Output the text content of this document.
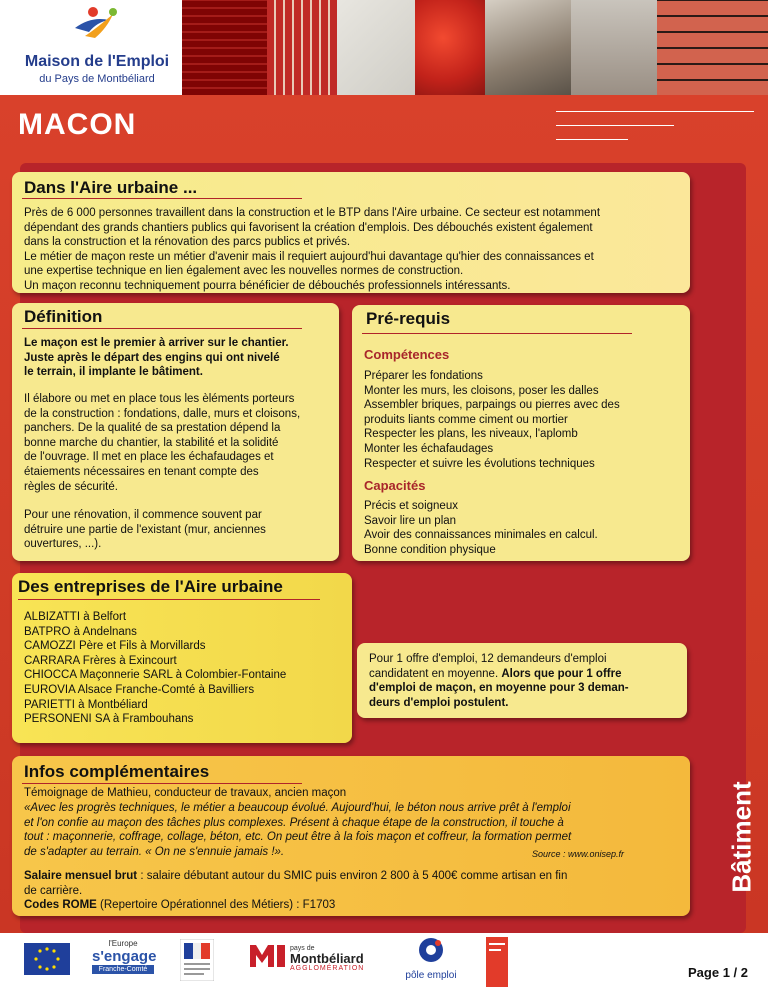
Maison de l'Emploi
du Pays de Montbéliard
MACON
Dans l'Aire urbaine ...
Près de 6 000 personnes travaillent dans la construction et le BTP dans l'Aire urbaine. Ce secteur est notamment
dépendant des grands chantiers publics qui favorisent la création d'emplois. Des débouchés existent également
dans la construction et la rénovation des parcs publics et privés.
Le métier de maçon reste un métier d'avenir mais il requiert aujourd'hui davantage qu'hier des connaissances et
une expertise technique en lien également avec les nouvelles normes de construction.
Un maçon reconnu techniquement pourra bénéficier de débouchés professionnels intéressants.
Définition
Le maçon est le premier à arriver sur le chantier.
Juste après le départ des engins qui ont nivelé
le terrain, il implante le bâtiment.
Il élabore ou met en place tous les èléments porteurs
de la construction : fondations, dalle, murs et cloisons,
panchers. De la qualité de sa prestation dépend la
bonne marche du chantier, la stabilité et la solidité
de l'ouvrage. Il met en place les échafaudages et
étaiements nécessaires en tenant compte des
règles de sécurité.
Pour une rénovation, il commence souvent par
détruire une partie de l'existant (mur, anciennes
ouvertures, ...).
Pré-requis
Compétences
Préparer les fondations
Monter les murs, les cloisons, poser les dalles
Assembler briques, parpaings ou pierres avec des
produits liants comme ciment ou mortier
Respecter les plans, les niveaux, l'aplomb
Monter les échafaudages
Respecter et suivre les évolutions techniques
Capacités
Précis et soigneux
Savoir lire un plan
Avoir des connaissances minimales en calcul.
Bonne condition physique
Des entreprises de l'Aire urbaine
ALBIZATTI à Belfort
BATPRO à Andelnans
CAMOZZI Père et Fils à Morvillards
CARRARA Frères à Exincourt
CHIOCCA Maçonnerie SARL à Colombier-Fontaine
EUROVIA Alsace Franche-Comté à Bavilliers
PARIETTI à Montbéliard
PERSONENI SA à Frambouhans
Pour 1 offre d'emploi, 12 demandeurs d'emploi
candidatent en moyenne. Alors que pour 1 offre
d'emploi de maçon, en moyenne pour 3 deman-
deurs d'emploi postulent.
Infos complémentaires
Témoignage de Mathieu, conducteur de travaux, ancien maçon
«Avec les progrès techniques, le métier a beaucoup évolué. Aujourd'hui, le béton nous arrive prêt à l'emploi
et l'on confie au maçon des tâches plus complexes. Présent à chaque étape de la construction, il touche à
tout : maçonnerie, coffrage, collage, béton, etc. On peut être à la fois maçon et coffreur, la formation permet
de s'adapter au terrain. « On ne s'ennuie jamais !».	Source : www.onisep.fr
Salaire mensuel brut : salaire débutant autour du SMIC puis environ 2 800 à 5 400€ comme artisan en fin
de carrière.
Codes ROME (Repertoire Opérationnel des Métiers) : F1703
Bâtiment
l'Europe
s'engage
Franche-Comté
pays de
Montbéliard
AGGLOMÉRATION
pôle emploi	Page 1 / 2
